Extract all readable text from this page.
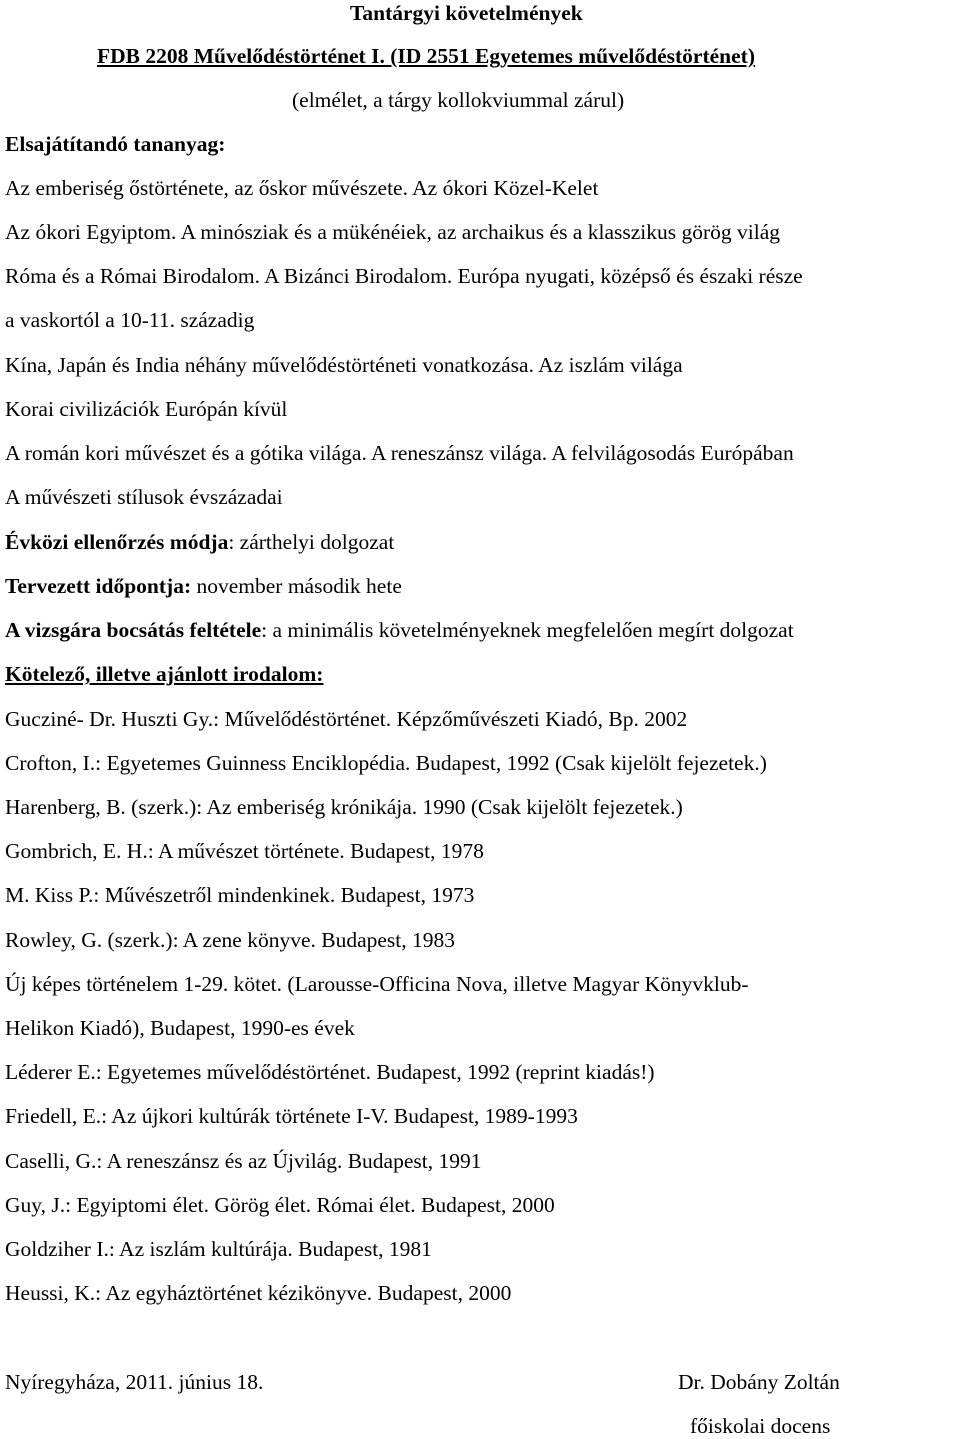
Tantárgyi követelmények
FDB 2208 Művelődéstörténet I. (ID 2551 Egyetemes művelődéstörténet)
(elmélet, a tárgy kollokviummal zárul)
Elsajátítandó tananyag:
Az emberiség őstörténete, az őskor művészete. Az ókori Közel-Kelet
Az ókori Egyiptom. A minósziak és a mükénéiek, az archaikus és a klasszikus görög világ
Róma és a Római Birodalom. A Bizánci Birodalom. Európa nyugati, középső és északi része
a vaskortól a 10-11. századig
Kína, Japán és India néhány művelődéstörténeti vonatkozása. Az iszlám világa
Korai civilizációk Európán kívül
A román kori művészet és a gótika világa. A reneszánsz világa. A felvilágosodás Európában
A művészeti stílusok évszázadai
Évközi ellenőrzés módja: zárthelyi dolgozat
Tervezett időpontja: november második hete
A vizsgára bocsátás feltétele: a minimális követelményeknek megfelelően megírt dolgozat
Kötelező, illetve ajánlott irodalom:
Gucziné- Dr. Huszti Gy.: Művelődéstörténet. Képzőművészeti Kiadó, Bp. 2002
Crofton, I.: Egyetemes Guinness Enciklopédia. Budapest, 1992 (Csak kijelölt fejezetek.)
Harenberg, B. (szerk.): Az emberiség krónikája. 1990 (Csak kijelölt fejezetek.)
Gombrich, E. H.: A művészet története. Budapest, 1978
M. Kiss P.: Művészetről mindenkinek. Budapest, 1973
Rowley, G. (szerk.): A zene könyve. Budapest, 1983
Új képes történelem 1-29. kötet. (Larousse-Officina Nova, illetve Magyar Könyvklub-
Helikon Kiadó), Budapest, 1990-es évek
Léderer E.: Egyetemes művelődéstörténet. Budapest, 1992 (reprint kiadás!)
Friedell, E.: Az újkori kultúrák története I-V. Budapest, 1989-1993
Caselli, G.: A reneszánsz és az Újvilág. Budapest, 1991
Guy, J.: Egyiptomi élet. Görög élet. Római élet. Budapest, 2000
Goldziher I.: Az iszlám kultúrája. Budapest, 1981
Heussi, K.: Az egyháztörténet kézikönyve. Budapest, 2000
Nyíregyháza, 2011. június 18.	Dr. Dobány Zoltán
főiskolai docens
